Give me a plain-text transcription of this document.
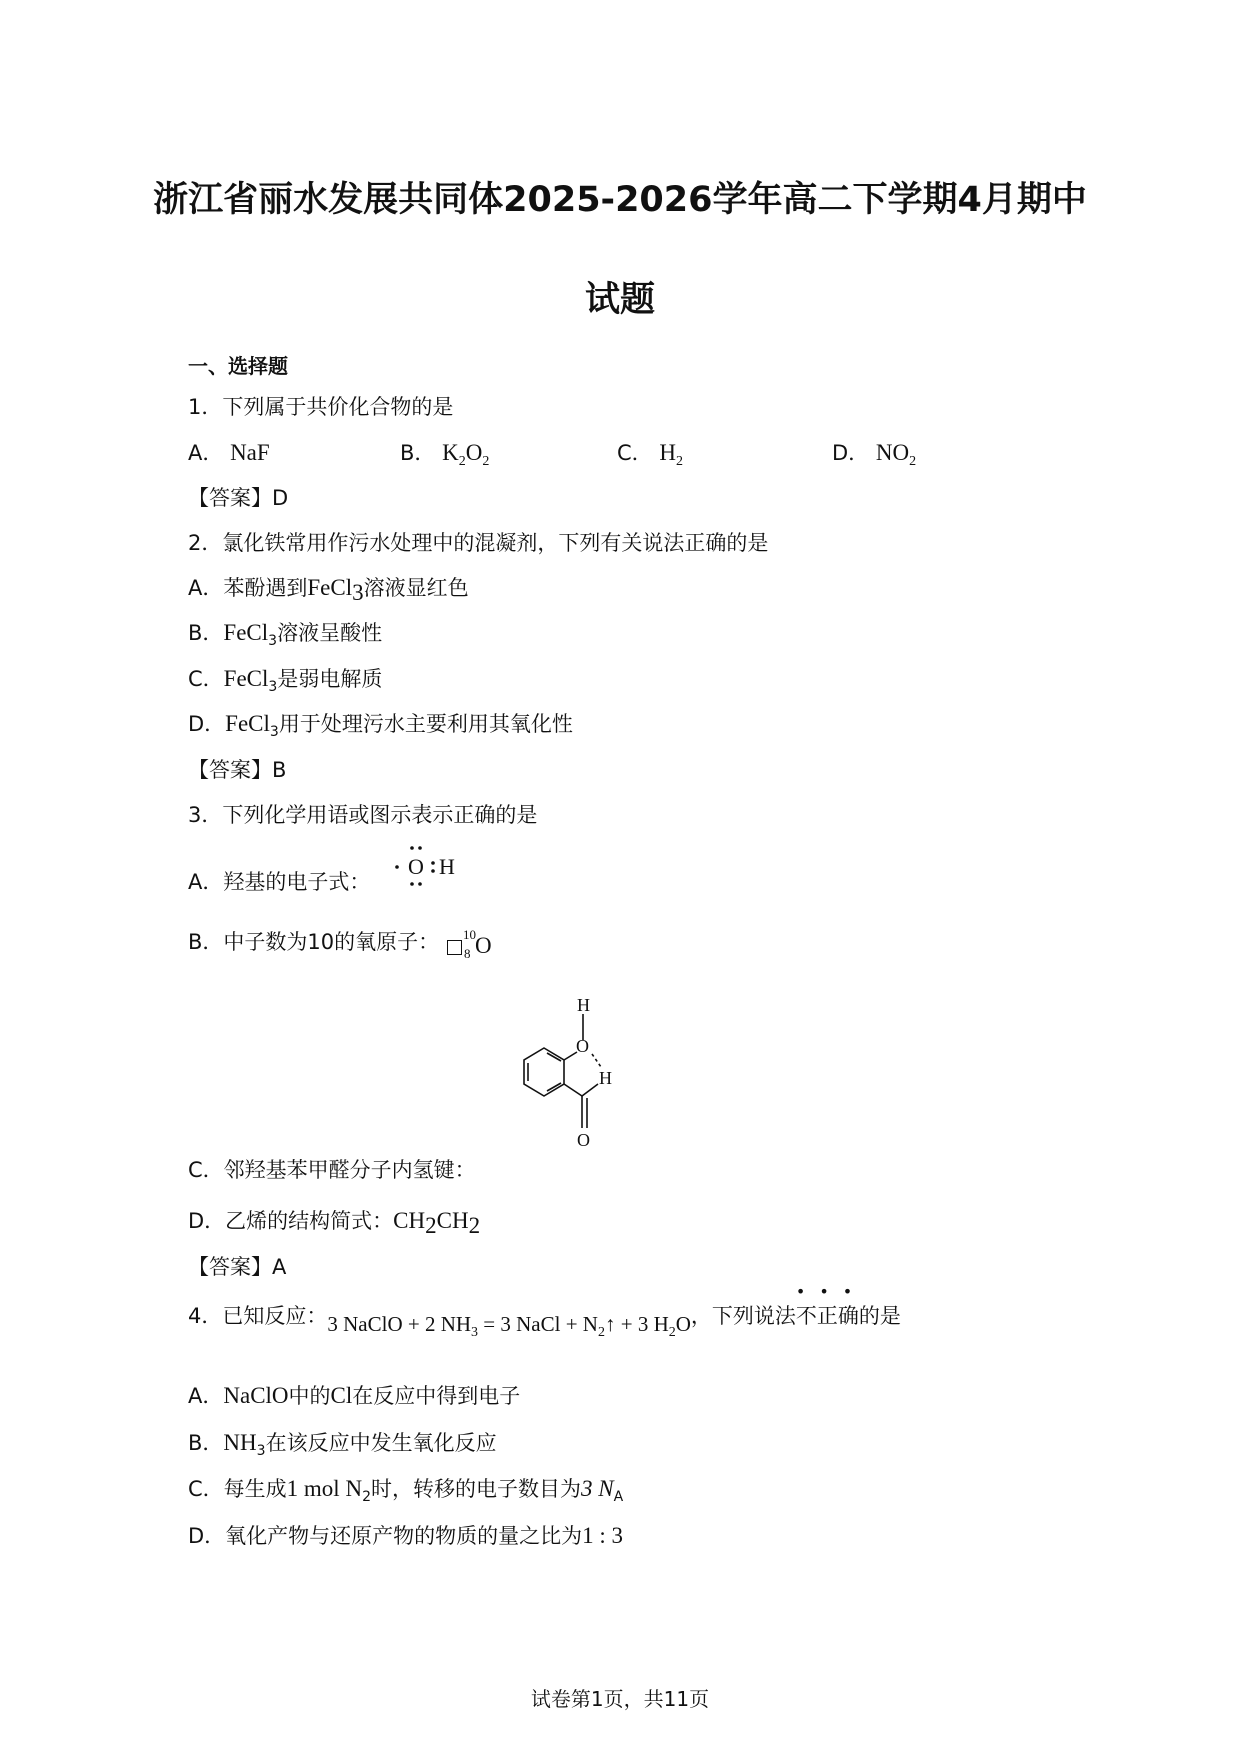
浙江省丽水发展共同体2025-2026学年高二下学期4月期中
试题
一、选择题
1．下列属于共价化合物的是
A． NaF	B． $K_2O_2$	C． $H_2$	D． $NO_2$
【答案】D
2．氯化铁常用作污水处理中的混凝剂，下列有关说法正确的是
A．苯酚遇到FeCl$_3$溶液显红色
B．FeCl$_3$溶液呈酸性
C．FeCl$_3$是弱电解质
D．FeCl$_3$用于处理污水主要利用其氧化性
【答案】B
3．下列化学用语或图示表示正确的是
A．羟基的电子式：
O H
B．中子数为10的氧原子： 10
8 O
H
O
H
O
C．邻羟基苯甲醛分子内氢键：
D．乙烯的结构简式：$CH_2CH_2$
【答案】A
4．已知反应：3 NaClO + 2 $NH_3 = 3$ NaCl + $N_2↑ + 3$ $H_2O$，下列说法
•••
不正确的是
A．NaClO中的Cl在反应中得到电子
B．$NH_3$在该反应中发生氧化反应
C．每生成1 mol $N_2$时，转移的电子数目为3 $N_A$
D．氧化产物与还原产物的物质的量之比为1 : 3
试卷第1页，共11页
